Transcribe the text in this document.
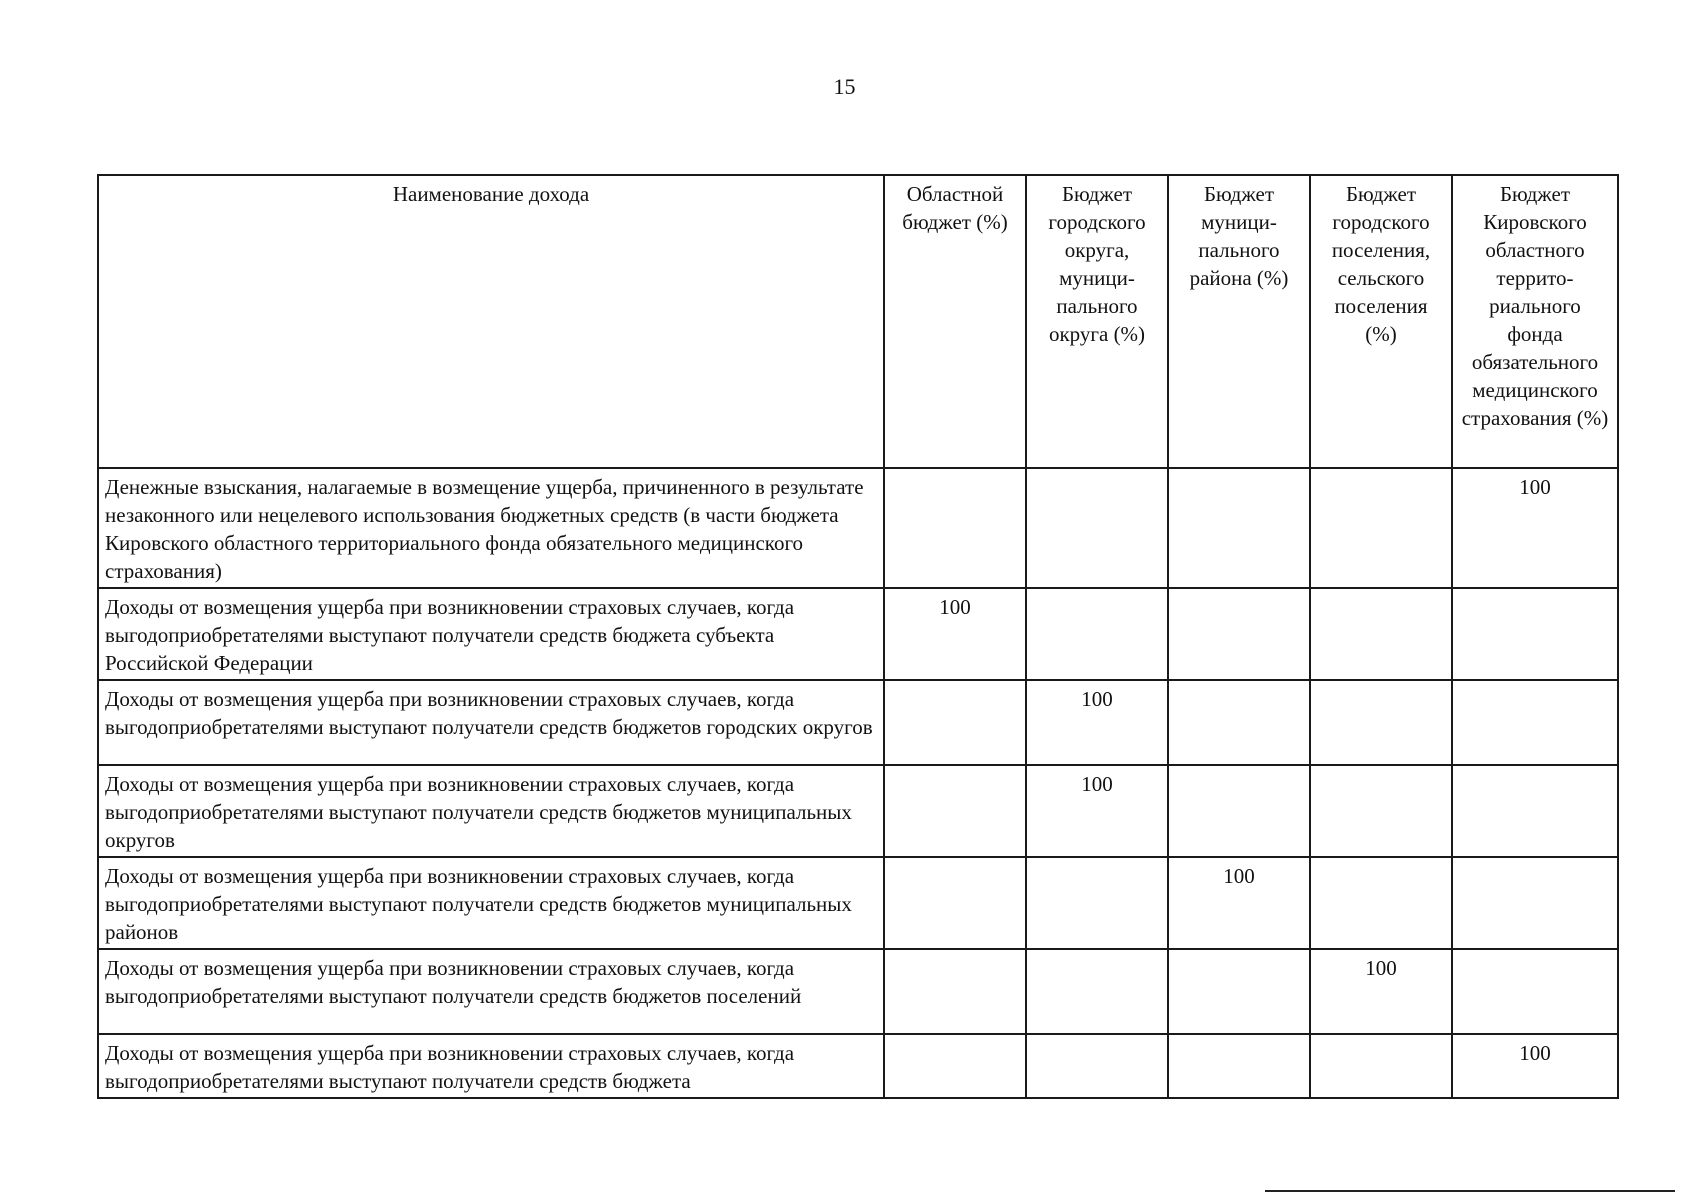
15
Наименование дохода	Областной бюджет (%)	Бюджет городского округа, муници-пального округа (%)	Бюджет муници-пального района (%)	Бюджет городского поселения, сельского поселения (%)	Бюджет Кировского областного террито-риального фонда обязательного медицинского страхования (%)
Денежные взыскания, налагаемые в возмещение ущерба, причиненного в результате незаконного или нецелевого использования бюджетных средств (в части бюджета Кировского областного территориального фонда обязательного медицинского страхования)					100
Доходы от возмещения ущерба при возникновении страховых случаев, когда выгодоприобретателями выступают получатели средств бюджета субъекта Российской Федерации	100				
Доходы от возмещения ущерба при возникновении страховых случаев, когда выгодоприобретателями выступают получатели средств бюджетов городских округов		100			
Доходы от возмещения ущерба при возникновении страховых случаев, когда выгодоприобретателями выступают получатели средств бюджетов муниципальных округов		100			
Доходы от возмещения ущерба при возникновении страховых случаев, когда выгодоприобретателями выступают получатели средств бюджетов муниципальных районов			100		
Доходы от возмещения ущерба при возникновении страховых случаев, когда выгодоприобретателями выступают получатели средств бюджетов поселений				100	
Доходы от возмещения ущерба при возникновении страховых случаев, когда выгодоприобретателями выступают получатели средств бюджета					100
